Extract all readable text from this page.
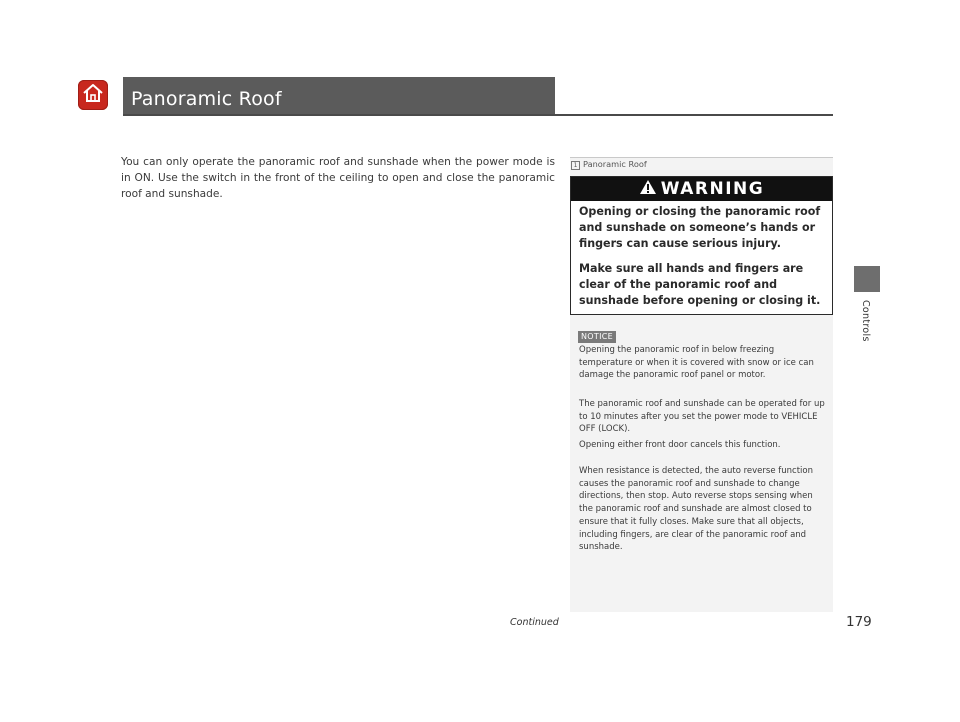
Panoramic Roof
You can only operate the panoramic roof and sunshade when the power mode is in ON. Use the switch in the front of the ceiling to open and close the panoramic roof and sunshade.
1 Panoramic Roof
WARNING

Opening or closing the panoramic roof and sunshade on someone’s hands or fingers can cause serious injury.

Make sure all hands and fingers are clear of the panoramic roof and sunshade before opening or closing it.

NOTICE
Opening the panoramic roof in below freezing temperature or when it is covered with snow or ice can damage the panoramic roof panel or motor.
The panoramic roof and sunshade can be operated for up to 10 minutes after you set the power mode to VEHICLE OFF (LOCK).
Opening either front door cancels this function.
When resistance is detected, the auto reverse function causes the panoramic roof and sunshade to change directions, then stop. Auto reverse stops sensing when the panoramic roof and sunshade are almost closed to ensure that it fully closes. Make sure that all objects, including fingers, are clear of the panoramic roof and sunshade.
Controls
Continued	179
